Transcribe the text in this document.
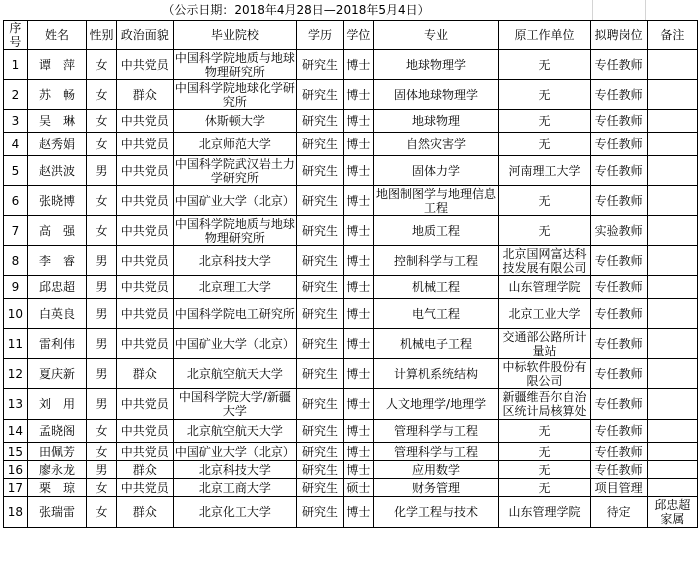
（公示日期：2018年4月28日—2018年5月4日）
序号	姓名	性别	政治面貌	毕业院校	学历	学位	专业	原工作单位	拟聘岗位	备注
1	谭　萍	女	中共党员	中国科学院地质与地球物理研究所	研究生	博士	地球物理学	无	专任教师	
2	苏　畅	女	群众	中国科学院地球化学研究所	研究生	博士	固体地球物理学	无	专任教师	
3	吴　琳	女	中共党员	休斯顿大学	研究生	博士	地球物理	无	专任教师	
4	赵秀娟	女	中共党员	北京师范大学	研究生	博士	自然灾害学	无	专任教师	
5	赵洪波	男	中共党员	中国科学院武汉岩土力学研究所	研究生	博士	固体力学	河南理工大学	专任教师	
6	张晓博	女	中共党员	中国矿业大学（北京）	研究生	博士	地图制图学与地理信息工程	无	专任教师	
7	高　强	女	中共党员	中国科学院地质与地球物理研究所	研究生	博士	地质工程	无	实验教师	
8	李　睿	男	中共党员	北京科技大学	研究生	博士	控制科学与工程	北京国网富达科技发展有限公司	专任教师	
9	邱忠超	男	中共党员	北京理工大学	研究生	博士	机械工程	山东管理学院	专任教师	
10	白英良	男	中共党员	中国科学院电工研究所	研究生	博士	电气工程	北京工业大学	专任教师	
11	雷利伟	男	中共党员	中国矿业大学（北京）	研究生	博士	机械电子工程	交通部公路所计量站	专任教师	
12	夏庆新	男	群众	北京航空航天大学	研究生	博士	计算机系统结构	中标软件股份有限公司	专任教师	
13	刘　用	男	中共党员	中国科学院大学/新疆大学	研究生	博士	人文地理学/地理学	新疆维吾尔自治区统计局核算处	专任教师	
14	孟晓阁	女	中共党员	北京航空航天大学	研究生	博士	管理科学与工程	无	专任教师	
15	田佩芳	女	中共党员	中国矿业大学（北京）	研究生	博士	管理科学与工程	无	专任教师	
16	廖永龙	男	群众	北京科技大学	研究生	博士	应用数学	无	专任教师	
17	栗　琼	女	中共党员	北京工商大学	研究生	硕士	财务管理	无	项目管理	
18	张瑞雷	女	群众	北京化工大学	研究生	博士	化学工程与技术	山东管理学院	待定	邱忠超家属
